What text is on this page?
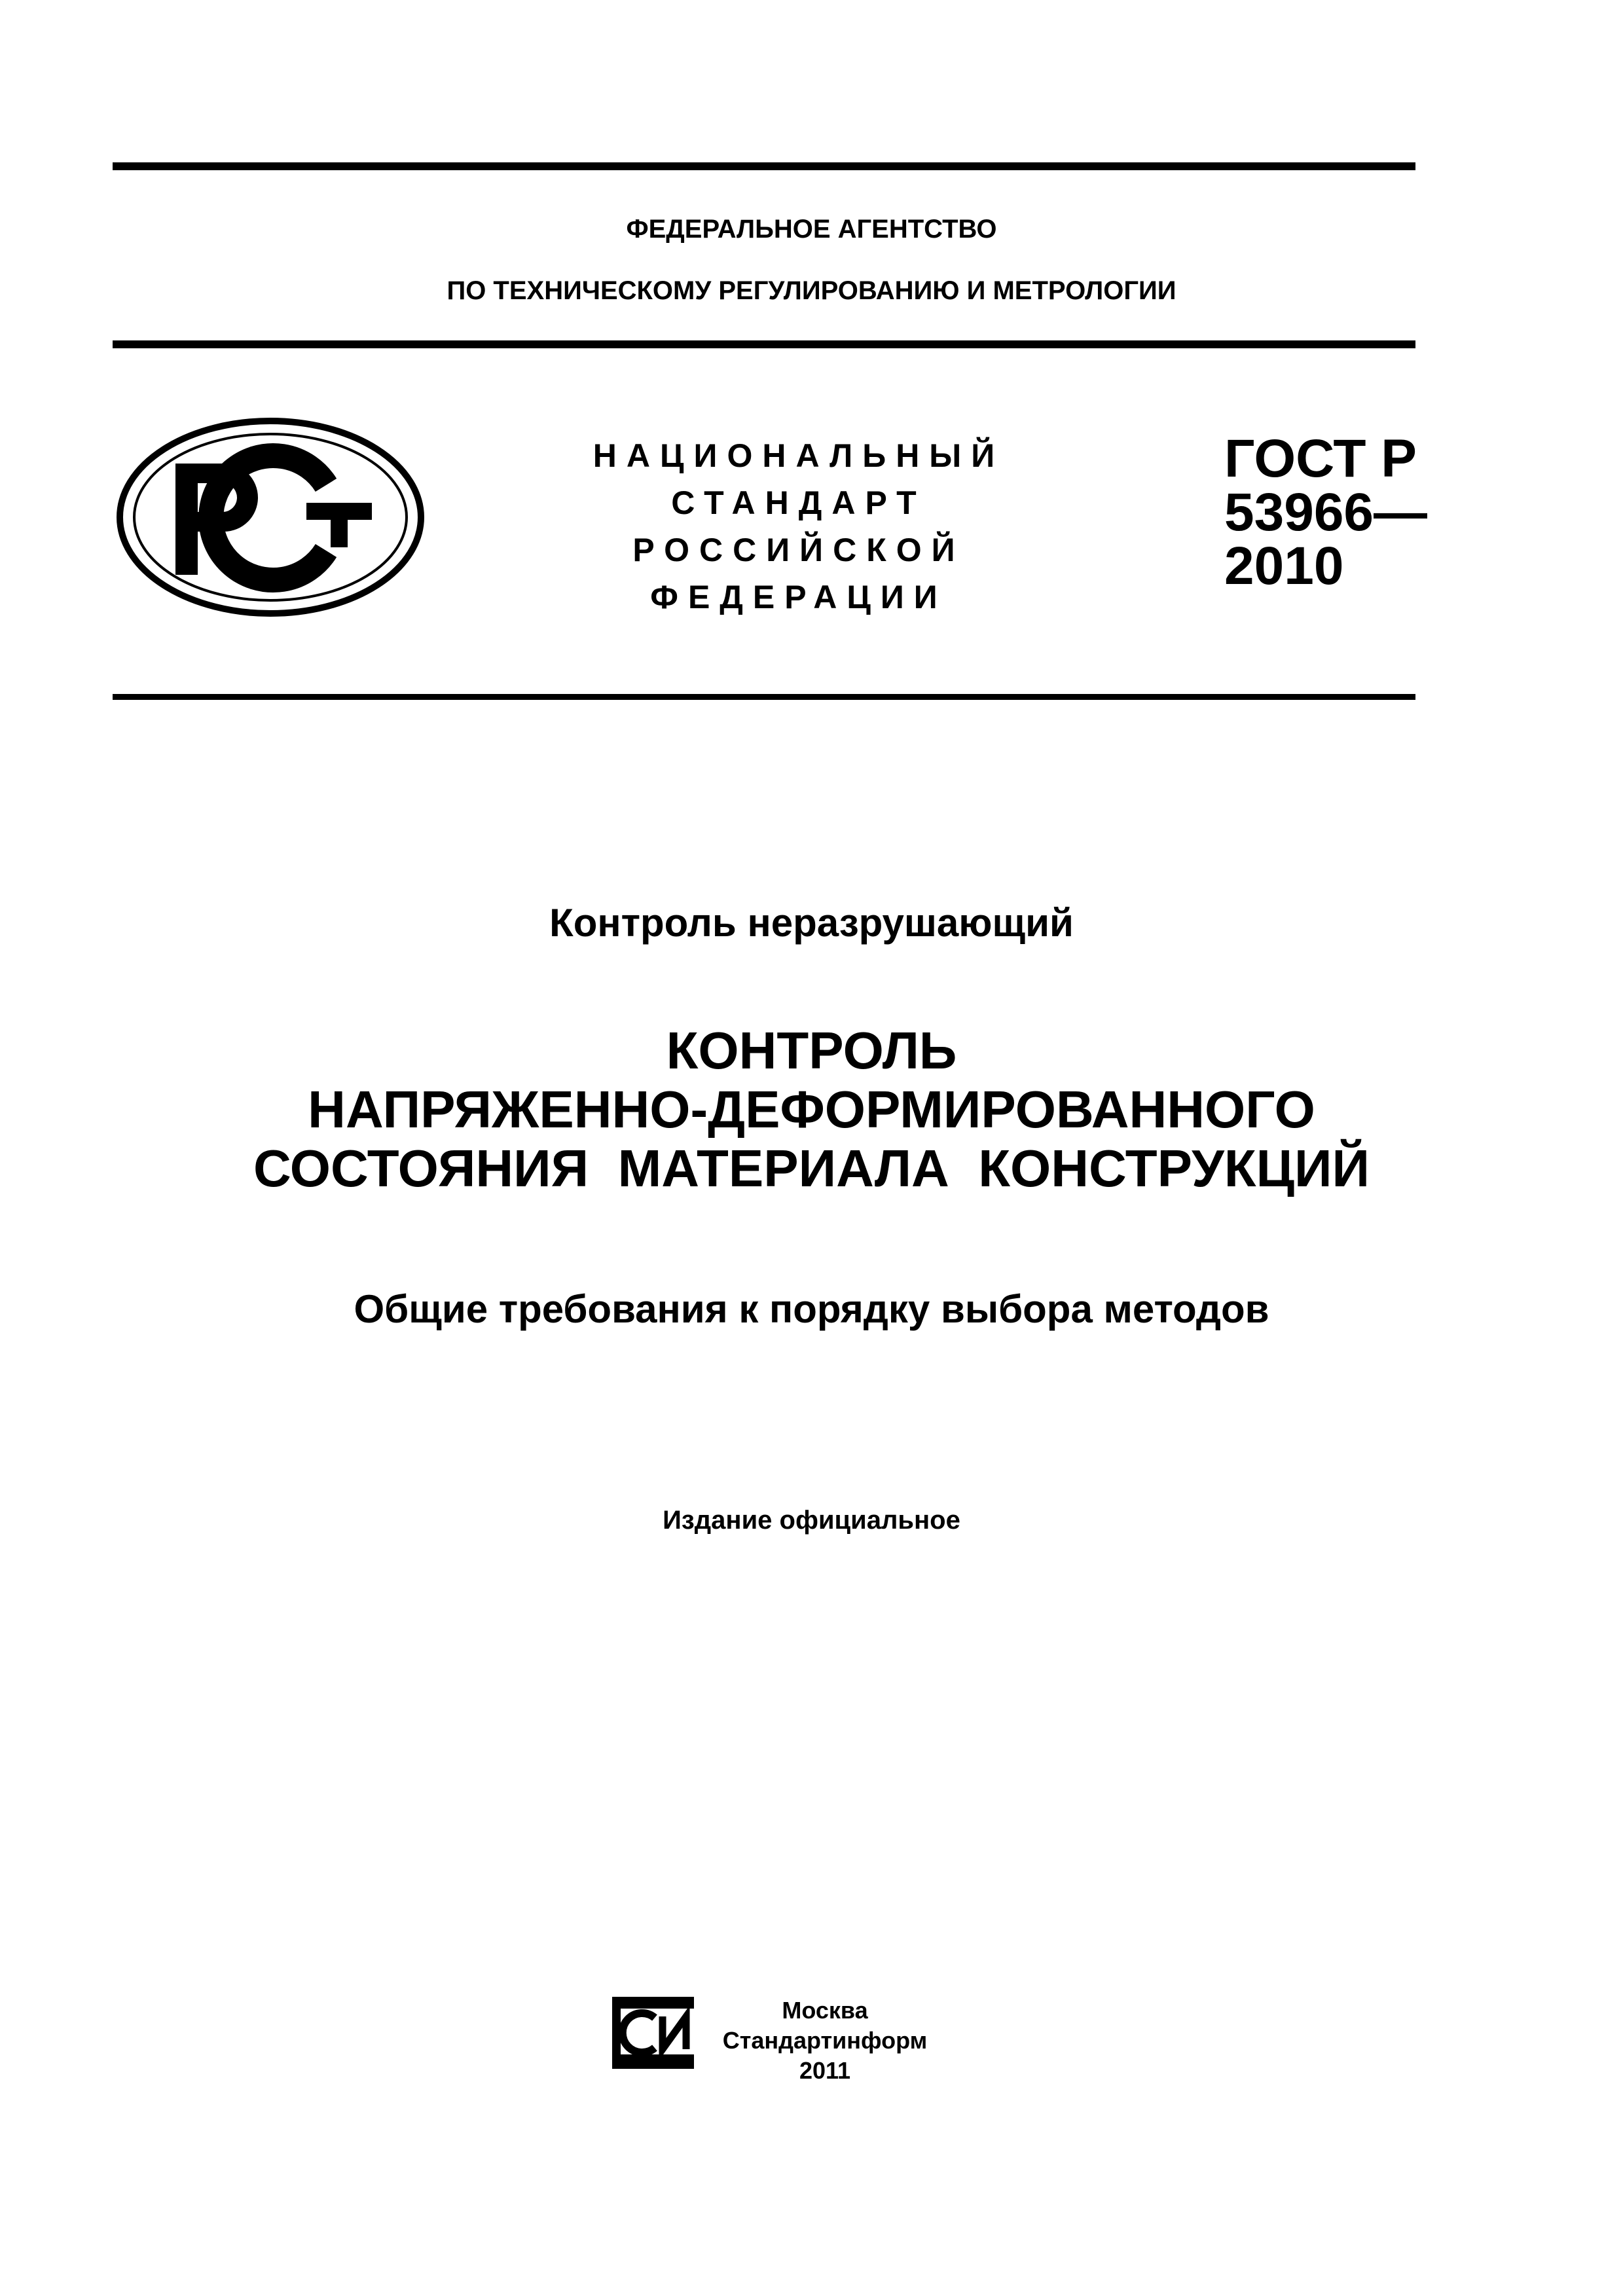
ФЕДЕРАЛЬНОЕ АГЕНТСТВО
ПО ТЕХНИЧЕСКОМУ РЕГУЛИРОВАНИЮ И МЕТРОЛОГИИ
НАЦИОНАЛЬНЫЙ
СТАНДАРТ
РОССИЙСКОЙ
ФЕДЕРАЦИИ
ГОСТ Р
53966—
2010
Контроль неразрушающий
КОНТРОЛЬ
НАПРЯЖЕННО-ДЕФОРМИРОВАННОГО
СОСТОЯНИЯ  МАТЕРИАЛА  КОНСТРУКЦИЙ
Общие требования к порядку выбора методов
Издание официальное
Москва
Стандартинформ
2011
